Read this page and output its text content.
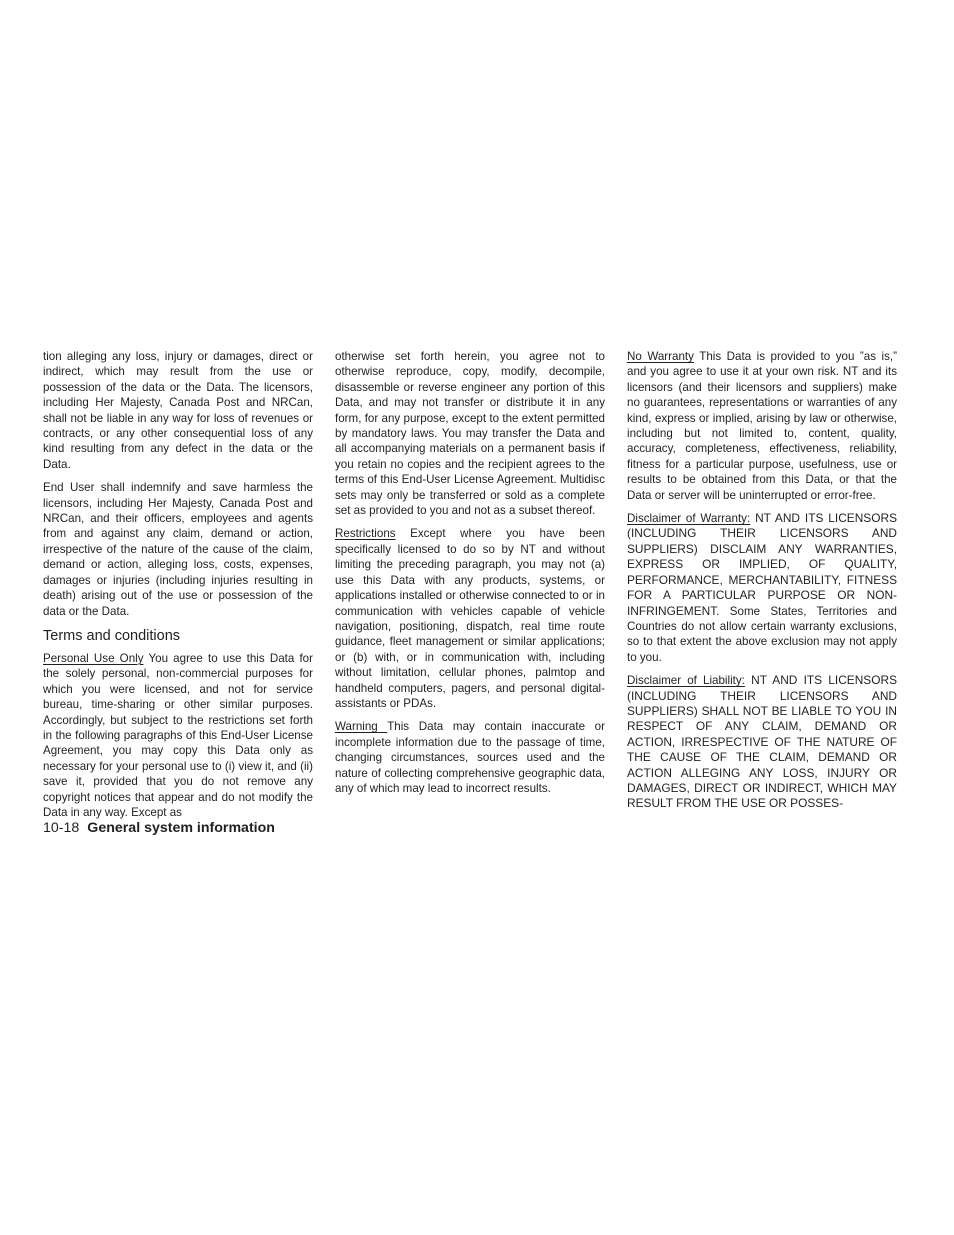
tion alleging any loss, injury or damages, direct or indirect, which may result from the use or possession of the data or the Data. The licensors, including Her Majesty, Canada Post and NRCan, shall not be liable in any way for loss of revenues or contracts, or any other consequential loss of any kind resulting from any defect in the data or the Data.

End User shall indemnify and save harmless the licensors, including Her Majesty, Canada Post and NRCan, and their officers, employees and agents from and against any claim, demand or action, irrespective of the nature of the cause of the claim, demand or action, alleging loss, costs, expenses, damages or injuries (including injuries resulting in death) arising out of the use or possession of the data or the Data.

Terms and conditions

Personal Use Only You agree to use this Data for the solely personal, non-commercial purposes for which you were licensed, and not for service bureau, time-sharing or other similar purposes. Accordingly, but subject to the restrictions set forth in the following paragraphs of this End-User License Agreement, you may copy this Data only as necessary for your personal use to (i) view it, and (ii) save it, provided that you do not remove any copyright notices that appear and do not modify the Data in any way. Except as

otherwise set forth herein, you agree not to otherwise reproduce, copy, modify, decompile, disassemble or reverse engineer any portion of this Data, and may not transfer or distribute it in any form, for any purpose, except to the extent permitted by mandatory laws. You may transfer the Data and all accompanying materials on a permanent basis if you retain no copies and the recipient agrees to the terms of this End-User License Agreement. Multidisc sets may only be transferred or sold as a complete set as provided to you and not as a subset thereof.

Restrictions Except where you have been specifically licensed to do so by NT and without limiting the preceding paragraph, you may not (a) use this Data with any products, systems, or applications installed or otherwise connected to or in communication with vehicles capable of vehicle navigation, positioning, dispatch, real time route guidance, fleet management or similar applications; or (b) with, or in communication with, including without limitation, cellular phones, palmtop and handheld computers, pagers, and personal digital-assistants or PDAs.

Warning This Data may contain inaccurate or incomplete information due to the passage of time, changing circumstances, sources used and the nature of collecting comprehensive geographic data, any of which may lead to incorrect results.

No Warranty This Data is provided to you ”as is,” and you agree to use it at your own risk. NT and its licensors (and their licensors and suppliers) make no guarantees, representations or warranties of any kind, express or implied, arising by law or otherwise, including but not limited to, content, quality, accuracy, completeness, effectiveness, reliability, fitness for a particular purpose, usefulness, use or results to be obtained from this Data, or that the Data or server will be uninterrupted or error-free.

Disclaimer of Warranty: NT AND ITS LICENSORS (INCLUDING THEIR LICENSORS AND SUPPLIERS) DISCLAIM ANY WARRANTIES, EXPRESS OR IMPLIED, OF QUALITY, PERFORMANCE, MERCHANTABILITY, FITNESS FOR A PARTICULAR PURPOSE OR NON-INFRINGEMENT. Some States, Territories and Countries do not allow certain warranty exclusions, so to that extent the above exclusion may not apply to you.

Disclaimer of Liability: NT AND ITS LICENSORS (INCLUDING THEIR LICENSORS AND SUPPLIERS) SHALL NOT BE LIABLE TO YOU IN RESPECT OF ANY CLAIM, DEMAND OR ACTION, IRRESPECTIVE OF THE NATURE OF THE CAUSE OF THE CLAIM, DEMAND OR ACTION ALLEGING ANY LOSS, INJURY OR DAMAGES, DIRECT OR INDIRECT, WHICH MAY RESULT FROM THE USE OR POSSES-

10-18 General system information
